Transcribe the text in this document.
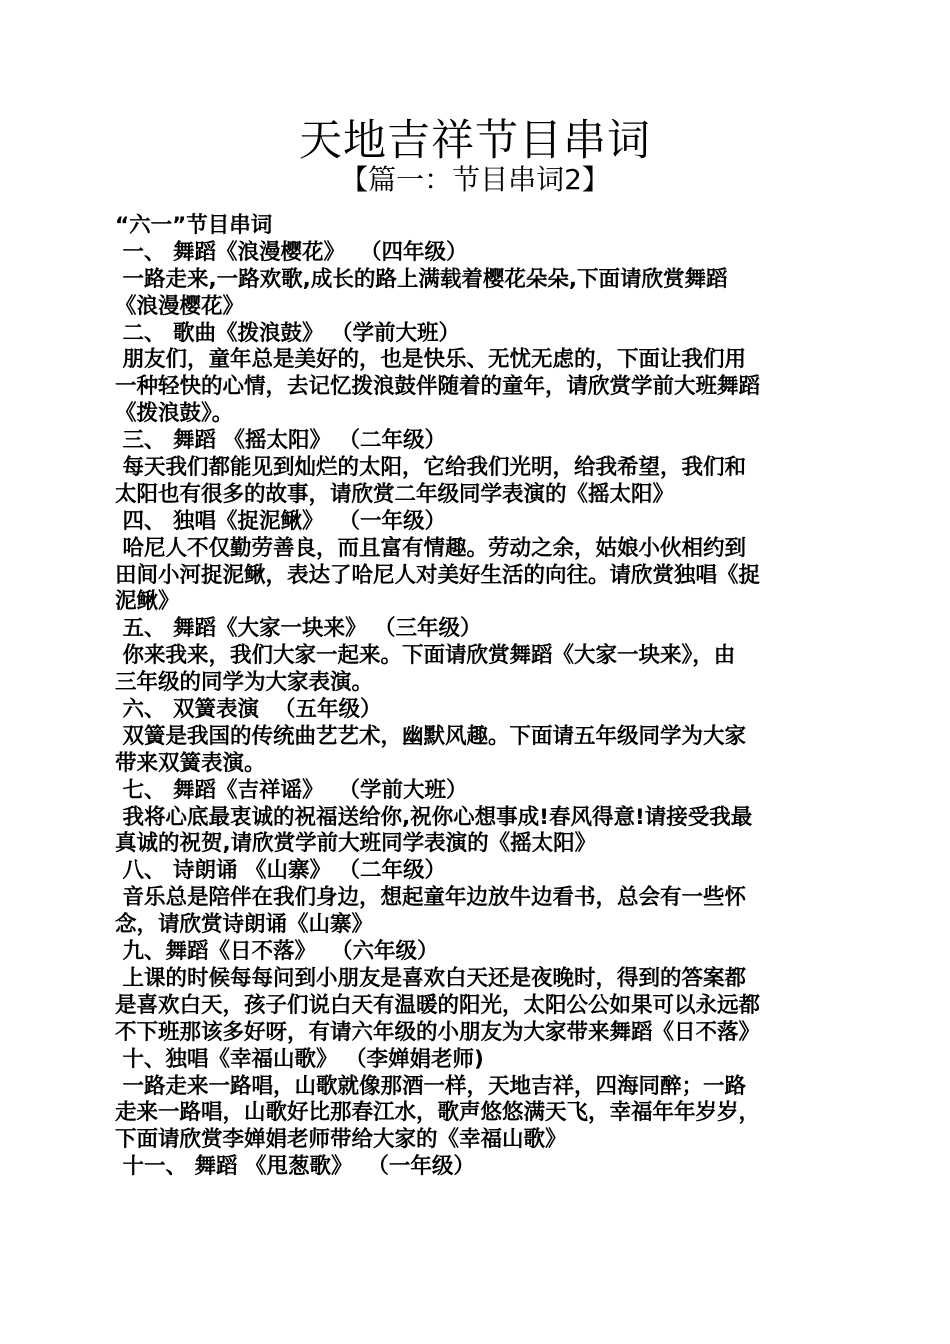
天地吉祥节目串词
【篇一：节目串词2】
“六一”节目串词
一、 舞蹈《浪漫樱花》  （四年级）
一路走来,一路欢歌,成长的路上满载着樱花朵朵,下面请欣赏舞蹈
《浪漫樱花》
二、 歌曲《拨浪鼓》 （学前大班）
朋友们，童年总是美好的，也是快乐、无忧无虑的，下面让我们用
一种轻快的心情，去记忆拨浪鼓伴随着的童年，请欣赏学前大班舞蹈
《拨浪鼓》。
三、 舞蹈 《摇太阳》 （二年级）
每天我们都能见到灿烂的太阳，它给我们光明，给我希望，我们和
太阳也有很多的故事，请欣赏二年级同学表演的《摇太阳》
四、 独唱《捉泥鳅》  （一年级）
哈尼人不仅勤劳善良，而且富有情趣。劳动之余，姑娘小伙相约到
田间小河捉泥鳅，表达了哈尼人对美好生活的向往。请欣赏独唱《捉
泥鳅》
五、 舞蹈《大家一块来》 （三年级）
你来我来，我们大家一起来。下面请欣赏舞蹈《大家一块来》，由
三年级的同学为大家表演。
六、 双簧表演  （五年级）
双簧是我国的传统曲艺艺术，幽默风趣。下面请五年级同学为大家
带来双簧表演。
七、 舞蹈《吉祥谣》  （学前大班）
我将心底最衷诚的祝福送给你,祝你心想事成!春风得意!请接受我最
真诚的祝贺,请欣赏学前大班同学表演的《摇太阳》
八、 诗朗诵 《山寨》 （二年级）
音乐总是陪伴在我们身边，想起童年边放牛边看书，总会有一些怀
念，请欣赏诗朗诵《山寨》
九、舞蹈《日不落》  （六年级）
上课的时候每每问到小朋友是喜欢白天还是夜晚时，得到的答案都
是喜欢白天，孩子们说白天有温暖的阳光，太阳公公如果可以永远都
不下班那该多好呀，有请六年级的小朋友为大家带来舞蹈《日不落》
十、独唱《幸福山歌》 （李婵娟老师)
一路走来一路唱，山歌就像那酒一样，天地吉祥，四海同醉；一路
走来一路唱，山歌好比那春江水，歌声悠悠满天飞，幸福年年岁岁，
下面请欣赏李婵娟老师带给大家的《幸福山歌》
十一、 舞蹈 《甩葱歌》  （一年级）
